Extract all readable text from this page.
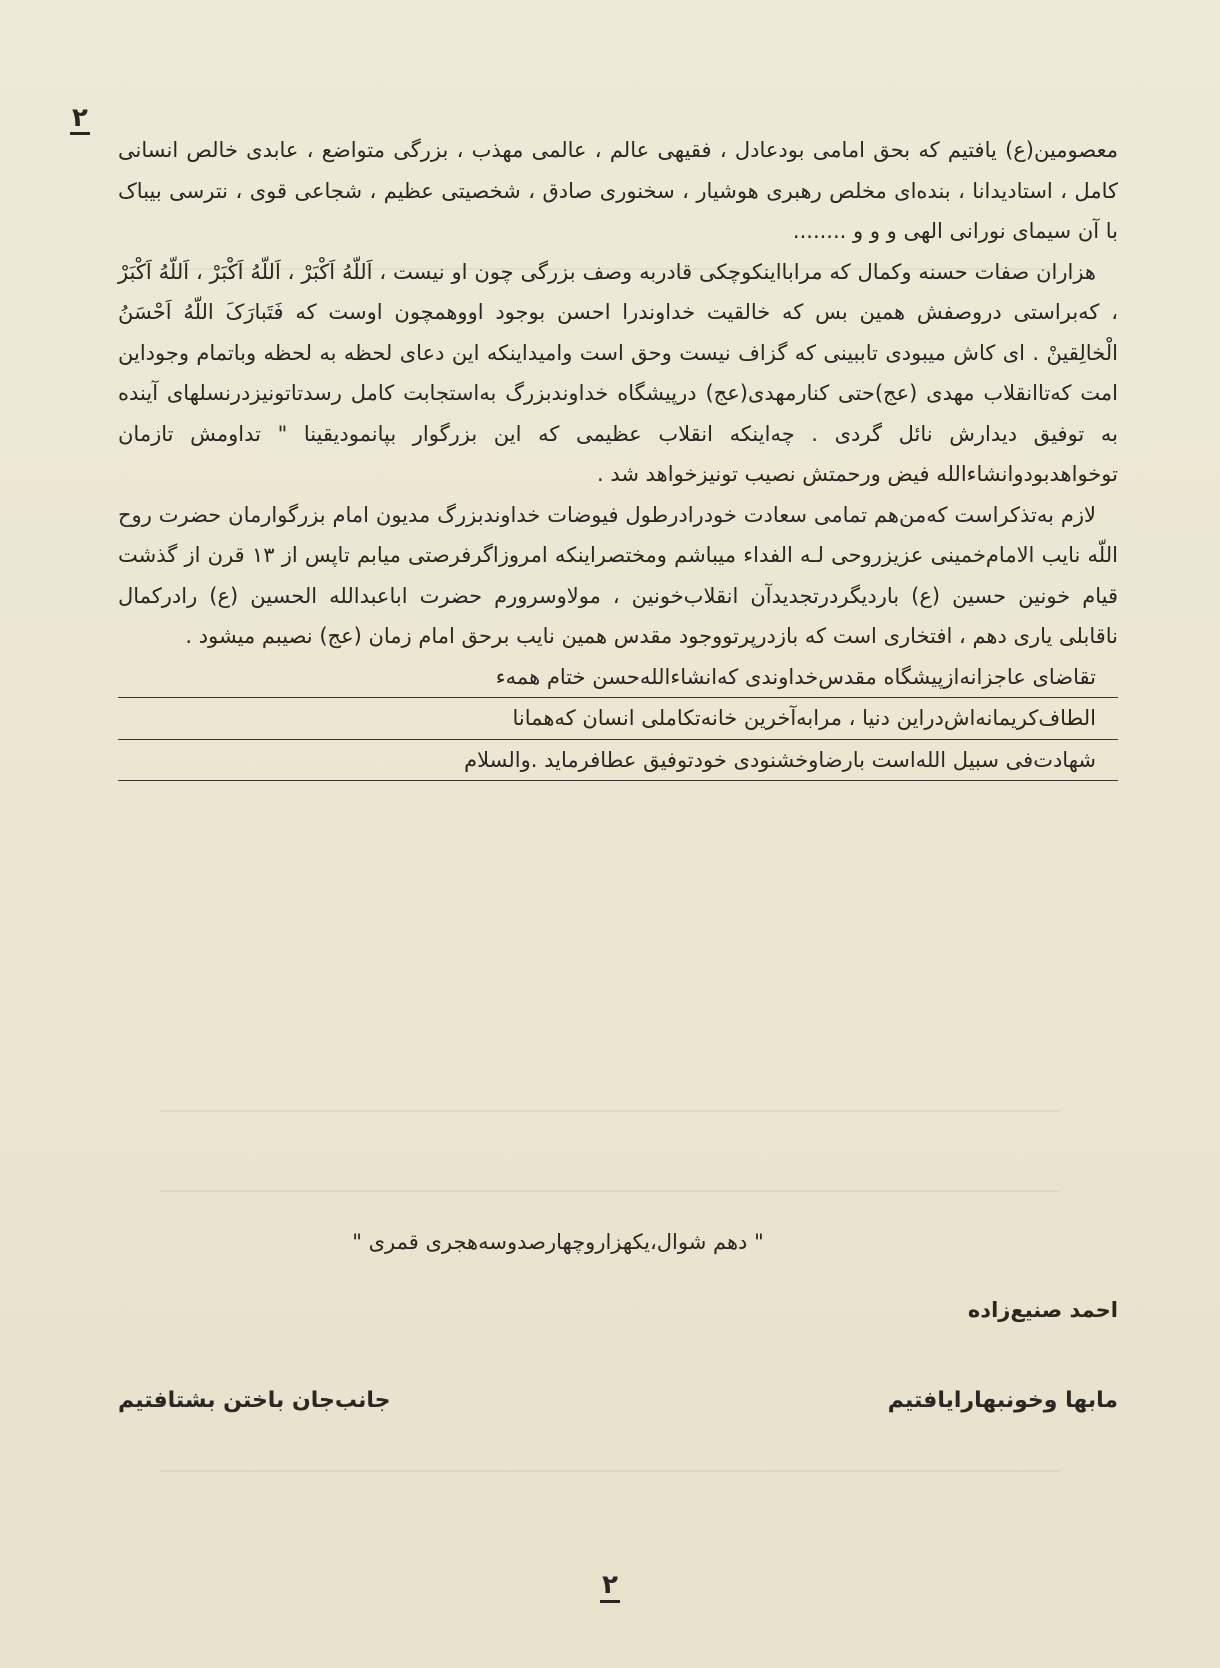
۲

معصومین(ع) یافتیم که بحق امامی بودعادل ، فقیهی عالم ، عالمی مهذب ، بزرگی متواضع ، عابدی خالص انسانی کامل ، استادیدانا ، بنده‌ای مخلص رهبری هوشیار ، سخنوری صادق ، شخصیتی عظیم ، شجاعی قوی ، نترسی بیباک با آن سیمای نورانی الهی و و و ........

هزاران صفات حسنه وکمال که مرابااینکوچکی قادربه وصف بزرگی چون او نیست ، اَللّهُ اَکْبَرْ ، اَللّهُ اَکْبَرْ ، اَللّهُ اَکْبَرْ ، که‌براستی دروصفش همین بس که خالقیت خداوندرا احسن بوجود اووهمچون اوست که فَتَبارَکَ اللّهُ اَحْسَنُ الْخالِقینْ . ای کاش میبودی تاببینی که گزاف نیست وحق است وامیداینکه این دعای لحظه به لحظه وباتمام وجوداین امت که‌تاانقلاب مهدی (عج)حتی کنارمهدی(عج) درپیشگاه خداوندبزرگ به‌استجابت کامل رسدتاتونیزدرنسلهای آینده به توفیق دیدارش نائل گردی . چه‌اینکه انقلاب عظیمی که این بزرگوار بپانمودیقینا " تداومش تازمان توخواهدبودوانشاءالله فیض ورحمتش نصیب تونیزخواهد شد .

لازم به‌تذکراست که‌من‌هم تمامی سعادت خودرادرطول فیوضات خداوندبزرگ مدیون امام بزرگوارمان حضرت روح اللّه نایب الامام‌خمینی عزیزروحی لـه الفداء میباشم ومختصراینکه امروزاگرفرصتی میابم تاپس از ۱۳ قرن از گذشت قیام خونین حسین (ع) باردیگردرتجدیدآن انقلاب‌خونین ، مولاوسرورم حضرت اباعبدالله الحسین (ع) رادرکمال ناقابلی یاری دهم ، افتخاری است که بازدرپرتووجود مقدس همین نایب برحق امام زمان (عج) نصیبم میشود .

تقاضای عاجزانه‌ازپیشگاه مقدس‌خداوندی که‌انشاءالله‌حسن ختام همه‌ء
الطاف‌کریمانه‌اش‌دراین دنیا ، مرابه‌آخرین خانه‌تکاملی انسان که‌همانا
شهادت‌فی سبیل الله‌است بارضاوخشنودی خودتوفیق عطافرماید .والسلام

" دهم شوال،یکهزاروچهارصدوسه‌هجری قمری "
احمد صنیع‌زاده
مابها وخونبهارایافتیم
جانب‌جان باختن بشتافتیم
۲
